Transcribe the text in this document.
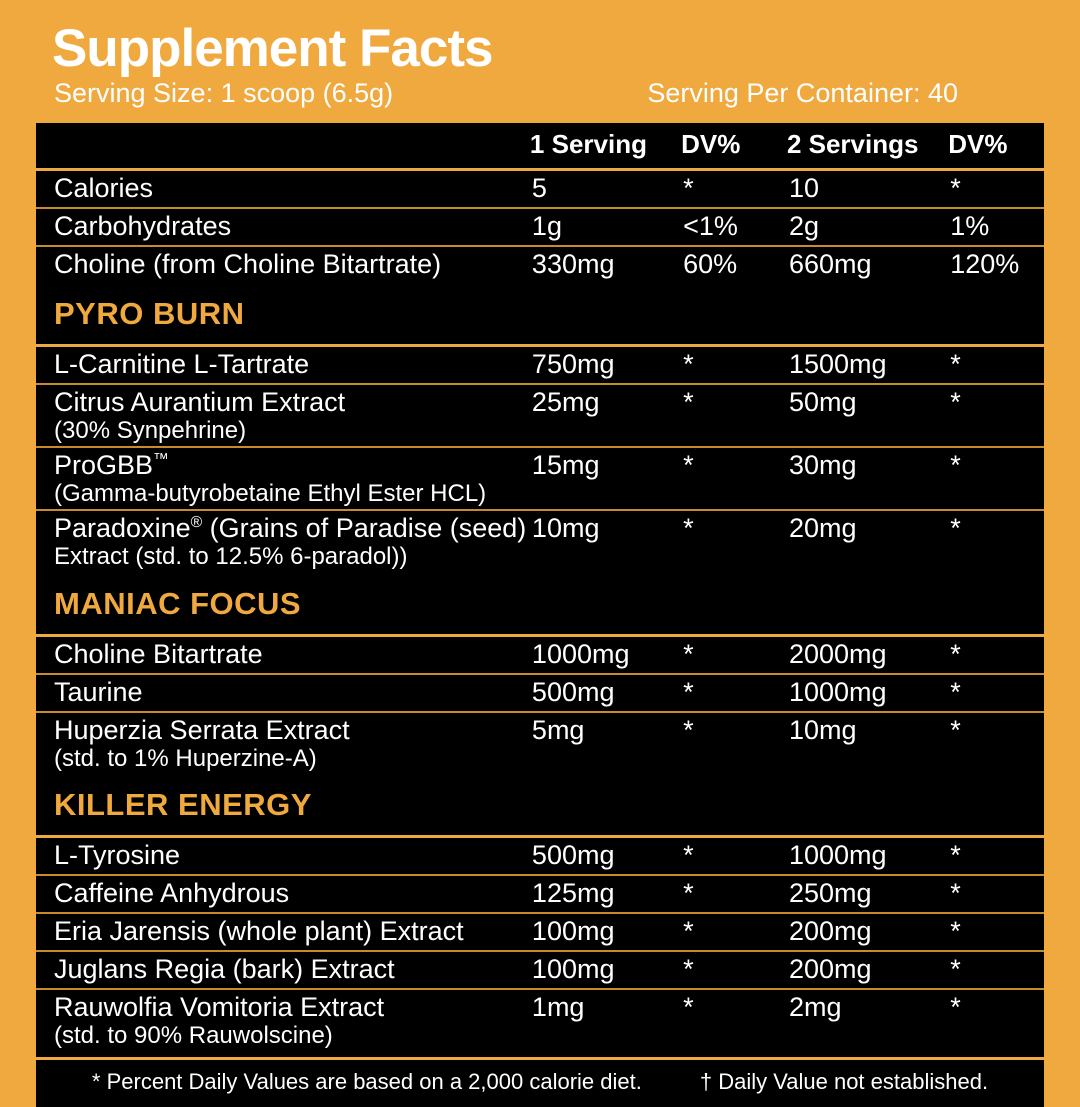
Supplement Facts
Serving Size: 1 scoop (6.5g)	Serving Per Container: 40
	1 Serving	DV%	2 Servings	DV%
Calories	5	*	10	*
Carbohydrates	1g	<1%	2g	1%
Choline (from Choline Bitartrate)	330mg	60%	660mg	120%
PYRO BURN				
L-Carnitine L-Tartrate	750mg	*	1500mg	*
Citrus Aurantium Extract
(30% Synpehrine)	25mg	*	50mg	*
ProGBB™
(Gamma-butyrobetaine Ethyl Ester HCL)	15mg	*	30mg	*
Paradoxine® (Grains of Paradise (seed)
Extract (std. to 12.5% 6-paradol))	10mg	*	20mg	*
MANIAC FOCUS				
Choline Bitartrate	1000mg	*	2000mg	*
Taurine	500mg	*	1000mg	*
Huperzia Serrata Extract
(std. to 1% Huperzine-A)	5mg	*	10mg	*
KILLER ENERGY				
L-Tyrosine	500mg	*	1000mg	*
Caffeine Anhydrous	125mg	*	250mg	*
Eria Jarensis (whole plant) Extract	100mg	*	200mg	*
Juglans Regia (bark) Extract	100mg	*	200mg	*
Rauwolfia Vomitoria Extract
(std. to 90% Rauwolscine)	1mg	*	2mg	*
* Percent Daily Values are based on a 2,000 calorie diet.	† Daily Value not established.
